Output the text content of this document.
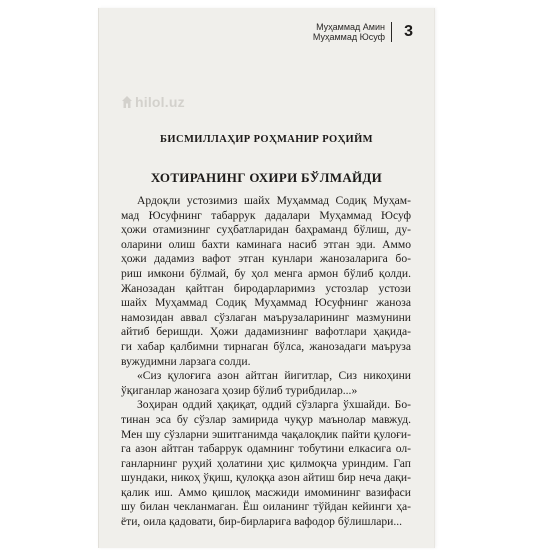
Муҳаммад Амин
Муҳаммад Юсуф 3
hilol.uz
БИСМИЛЛАҲИР РОҲМАНИР РОҲИЙМ
ХОТИРАНИНГ ОХИРИ БЎЛМАЙДИ
Ардоқли устозимиз шайх Муҳаммад Содиқ Муҳам-
мад Юсуфнинг табаррук дадалари Муҳаммад Юсуф
ҳожи отамизнинг суҳбатларидан баҳраманд бўлиш, ду-
оларини олиш бахти каминага насиб этган эди. Аммо
ҳожи дадамиз вафот этган кунлари жанозаларига бо-
риш имкони бўлмай, бу ҳол менга армон бўлиб қолди.
Жанозадан қайтган биродарларимиз устозлар устози
шайх Муҳаммад Содиқ Муҳаммад Юсуфнинг жаноза
намозидан аввал сўзлаган маърузаларининг мазмунини
айтиб беришди. Ҳожи дадамизнинг вафотлари ҳақида-
ги хабар қалбимни тирнаган бўлса, жанозадаги маъруза
вужудимни ларзага солди.
«Сиз қулоғига азон айтган йигитлар, Сиз никоҳини
ўқиганлар жанозага ҳозир бўлиб турибдилар...»
Зоҳиран оддий ҳақиқат, оддий сўзларга ўхшайди. Бо-
тинан эса бу сўзлар замирида чуқур маънолар мавжуд.
Мен шу сўзларни эшитганимда чақалоқлик пайти қулоғи-
га азон айтган табаррук одамнинг тобутини елкасига ол-
ганларнинг руҳий ҳолатини ҳис қилмоқча уриндим. Гап
шундаки, никоҳ ўқиш, қулоққа азон айтиш бир неча дақи-
қалик иш. Аммо қишлоқ масжиди имомининг вазифаси
шу билан чекланмаган. Ёш оиланинг тўйдан кейинги ҳа-
ёти, оила қадовати, бир-бирларига вафодор бўлишлари...
